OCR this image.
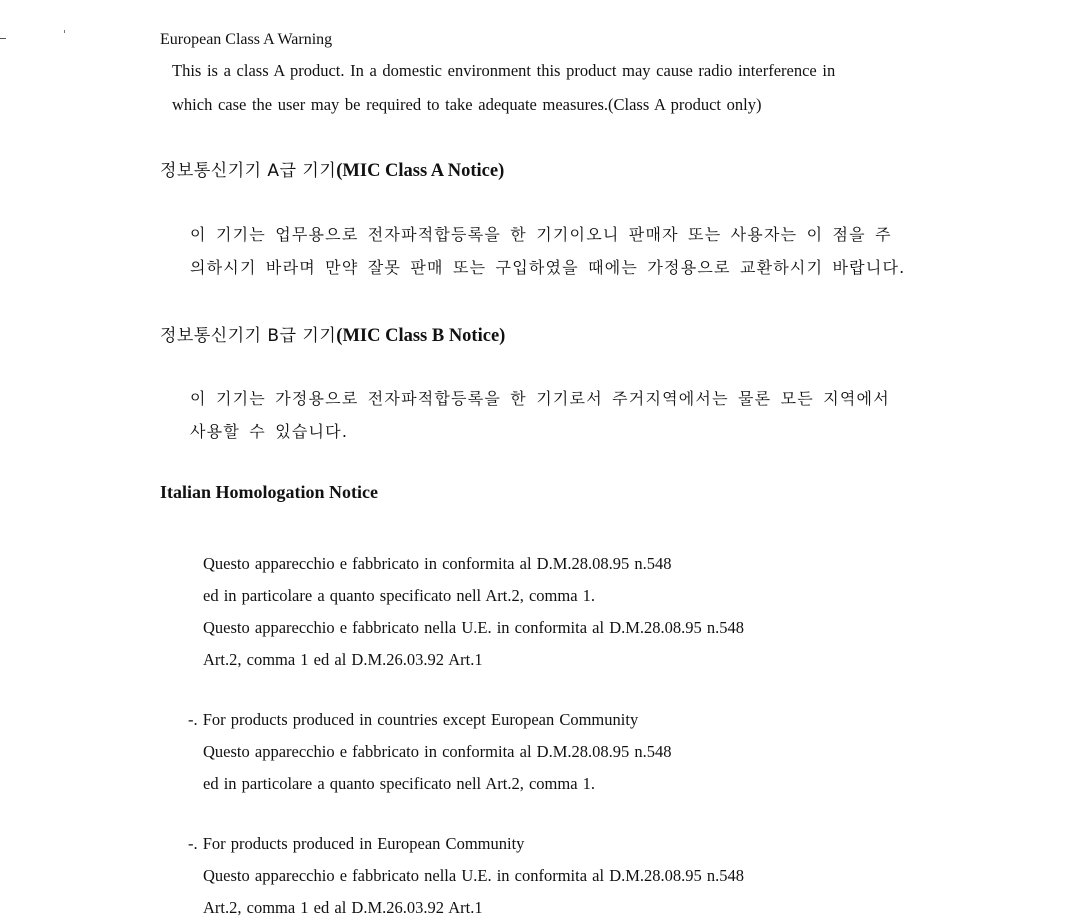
European Class A Warning
This is a class A product. In a domestic environment this product may cause radio interference in
which case the user may be required to take adequate measures.(Class A product only)
정보통신기기 A급 기기(MIC Class A Notice)
이 기기는 업무용으로 전자파적합등록을 한 기기이오니 판매자 또는 사용자는 이 점을 주
의하시기 바라며 만약 잘못 판매 또는 구입하였을 때에는 가정용으로 교환하시기 바랍니다.
정보통신기기 B급 기기(MIC Class B Notice)
이 기기는 가정용으로 전자파적합등록을 한 기기로서 주거지역에서는 물론 모든 지역에서
사용할 수 있습니다.
Italian Homologation Notice
Questo apparecchio e fabbricato in conformita al D.M.28.08.95 n.548
ed in particolare a quanto specificato nell Art.2, comma 1.
Questo apparecchio e fabbricato nella U.E. in conformita al D.M.28.08.95 n.548
Art.2, comma 1 ed al D.M.26.03.92 Art.1
-. For products produced in countries except European Community
Questo apparecchio e fabbricato in conformita al D.M.28.08.95 n.548
ed in particolare a quanto specificato nell Art.2, comma 1.
-. For products produced in European Community
Questo apparecchio e fabbricato nella U.E. in conformita al D.M.28.08.95 n.548
Art.2, comma 1 ed al D.M.26.03.92 Art.1
